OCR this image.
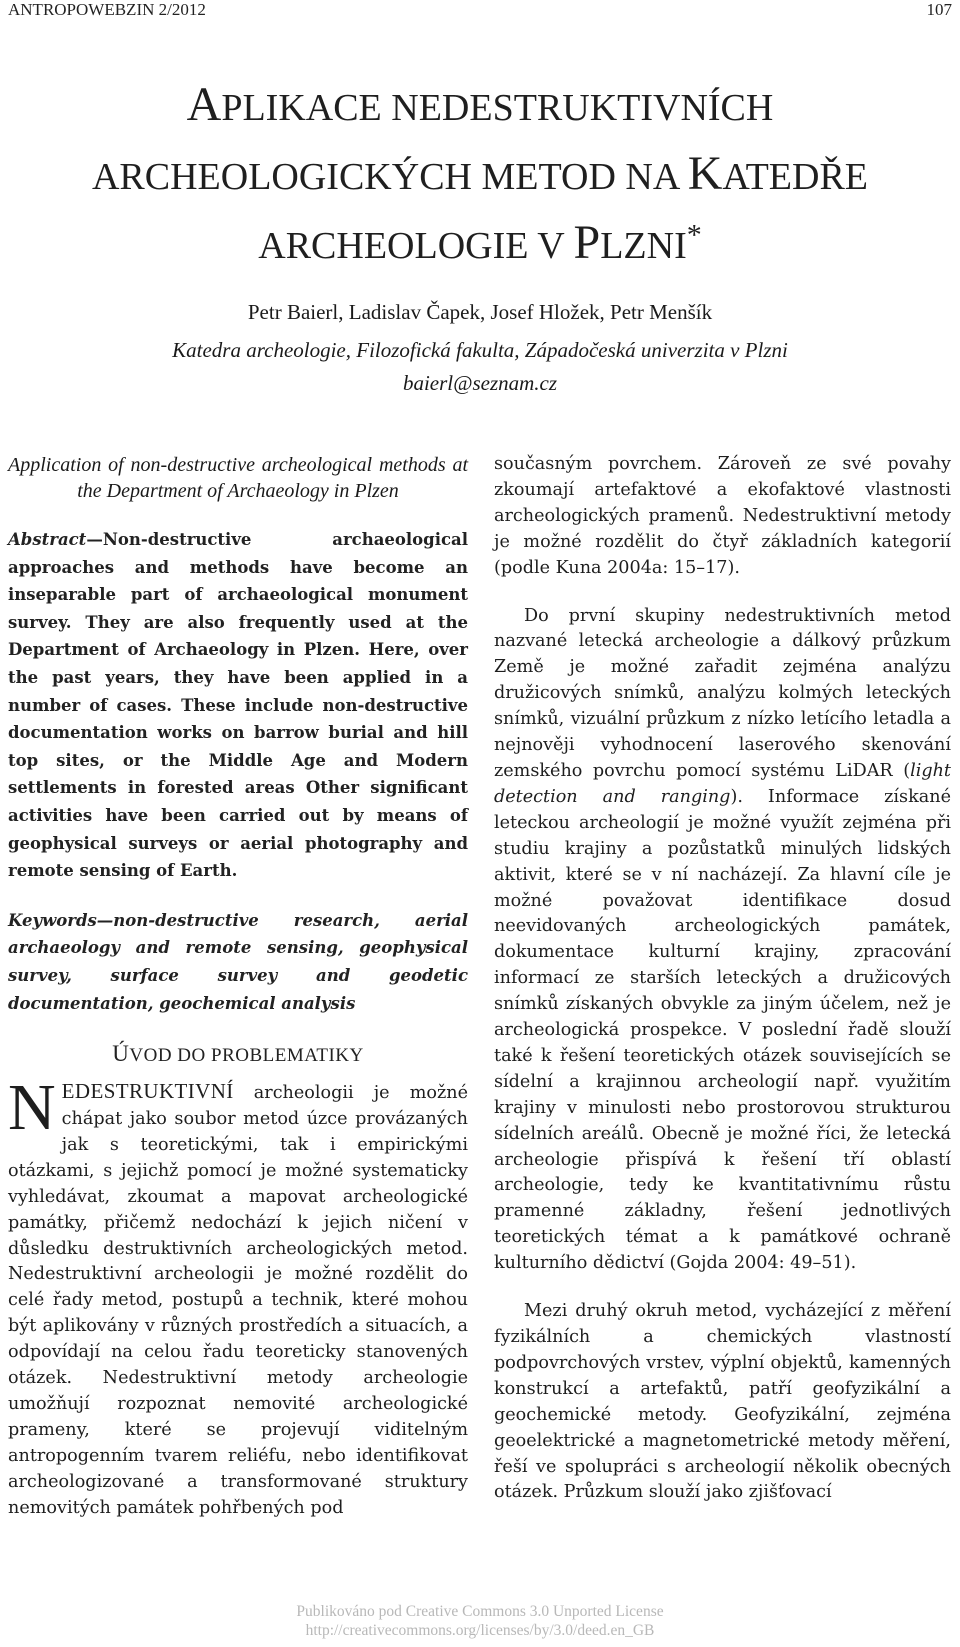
ANTROPOWEBZIN 2/2012	107
APLIKACE NEDESTRUKTIVNÍCH
ARCHEOLOGICKÝCH METOD NA KATEDŘE
ARCHEOLOGIE V PLZNI*
Petr Baierl, Ladislav Čapek, Josef Hložek, Petr Menšík
Katedra archeologie, Filozofická fakulta, Západočeská univerzita v Plzni
baierl@seznam.cz

Application of non-destructive archeological methods at the Department of Archaeology in Plzen

Abstract—Non-destructive archaeological approaches and methods have become an inseparable part of archaeological monument survey. They are also frequently used at the Department of Archaeology in Plzen. Here, over the past years, they have been applied in a number of cases. These include non-destructive documentation works on barrow burial and hill top sites, or the Middle Age and Modern settlements in forested areas Other significant activities have been carried out by means of geophysical surveys or aerial photography and remote sensing of Earth.

Keywords—non-destructive research, aerial archaeology and remote sensing, geophysical survey, surface survey and geodetic documentation, geochemical analysis

ÚVOD DO PROBLEMATIKY

NEDESTRUKTIVNÍ archeologii je možné chápat jako soubor metod úzce provázaných jak s teoretickými, tak i empirickými otázkami, s jejichž pomocí je možné systematicky vyhledávat, zkoumat a mapovat archeologické památky, přičemž nedochází k jejich ničení v důsledku destruktivních archeologických metod. Nedestruktivní archeologii je možné rozdělit do celé řady metod, postupů a technik, které mohou být aplikovány v různých prostředích a situacích, a odpovídají na celou řadu teoreticky stanovených otázek. Nedestruktivní metody archeologie umožňují rozpoznat nemovité archeologické prameny, které se projevují viditelným antropogenním tvarem reliéfu, nebo identifikovat archeologizované a transformované struktury nemovitých památek pohřbených pod

současným povrchem. Zároveň ze své povahy zkoumají artefaktové a ekofaktové vlastnosti archeologických pramenů. Nedestruktivní metody je možné rozdělit do čtyř základních kategorií (podle Kuna 2004a: 15–17).

Do první skupiny nedestruktivních metod nazvané letecká archeologie a dálkový průzkum Země je možné zařadit zejména analýzu družicových snímků, analýzu kolmých leteckých snímků, vizuální průzkum z nízko letícího letadla a nejnověji vyhodnocení laserového skenování zemského povrchu pomocí systému LiDAR (light detection and ranging). Informace získané leteckou archeologií je možné využít zejména při studiu krajiny a pozůstatků minulých lidských aktivit, které se v ní nacházejí. Za hlavní cíle je možné považovat identifikace dosud neevidovaných archeologických památek, dokumentace kulturní krajiny, zpracování informací ze starších leteckých a družicových snímků získaných obvykle za jiným účelem, než je archeologická prospekce. V poslední řadě slouží také k řešení teoretických otázek souvisejících se sídelní a krajinnou archeologií např. využitím krajiny v minulosti nebo prostorovou strukturou sídelních areálů. Obecně je možné říci, že letecká archeologie přispívá k řešení tří oblastí archeologie, tedy ke kvantitativnímu růstu pramenné základny, řešení jednotlivých teoretických témat a k památkové ochraně kulturního dědictví (Gojda 2004: 49–51).

Mezi druhý okruh metod, vycházející z měření fyzikálních a chemických vlastností podpovrchových vrstev, výplní objektů, kamenných konstrukcí a artefaktů, patří geofyzikální a geochemické metody. Geofyzikální, zejména geoelektrické a magnetometrické metody měření, řeší ve spolupráci s archeologií několik obecných otázek. Průzkum slouží jako zjišťovací

Publikováno pod Creative Commons 3.0 Unported License
http://creativecommons.org/licenses/by/3.0/deed.en_GB
